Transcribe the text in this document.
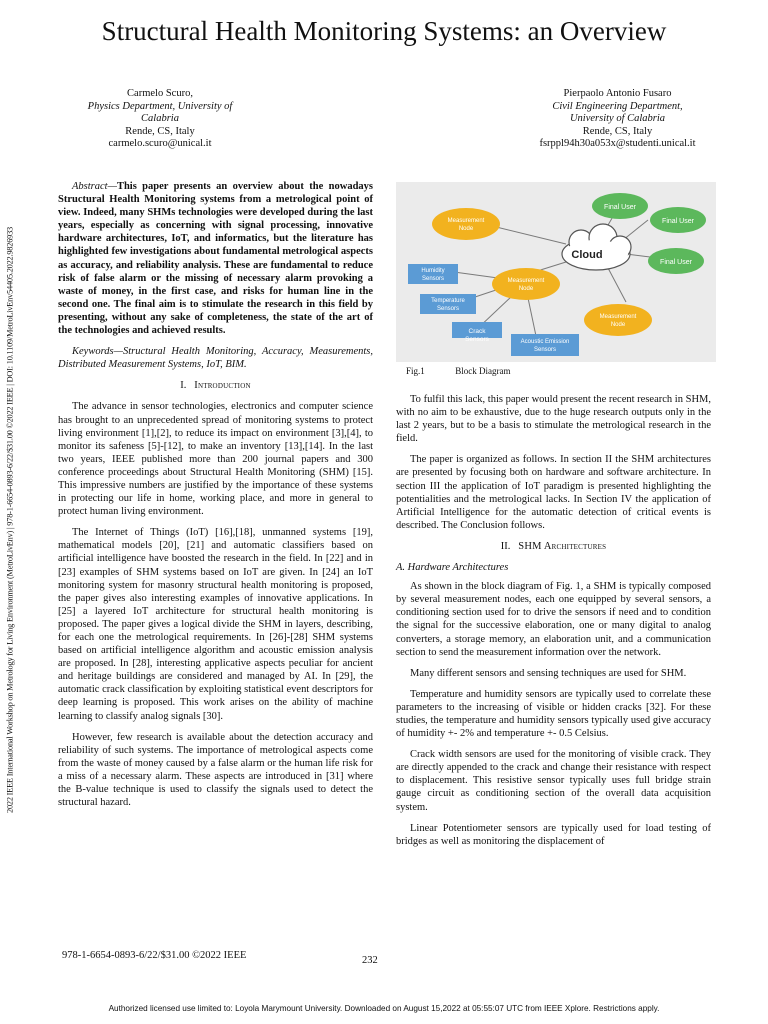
Structural Health Monitoring Systems: an Overview
Carmelo Scuro,
Physics Department, University of
Calabria
Rende, CS, Italy
carmelo.scuro@unical.it
Pierpaolo Antonio Fusaro
Civil Engineering Department,
University of Calabria
Rende, CS, Italy
fsrppl94h30a053x@studenti.unical.it
2022 IEEE International Workshop on Metrology for Living Environment (MetroLivEnv) | 978-1-6654-0893-6/22/$31.00 ©2022 IEEE | DOI: 10.1109/MetroLivEnv54405.2022.9826933

Abstract—This paper presents an overview about the nowadays Structural Health Monitoring systems from a metrological point of view. Indeed, many SHMs technologies were developed during the last years, especially as concerning with signal processing, innovative hardware architectures, IoT, and informatics, but the literature has highlighted few investigations about fundamental metrological aspects as accuracy, and reliability analysis. These are fundamental to reduce risk of false alarm or the missing of necessary alarm provoking a waste of money, in the first case, and risks for human line in the second one. The final aim is to stimulate the research in this field by presenting, without any sake of completeness, the state of the art of the technologies and achieved results.

Keywords—Structural Health Monitoring, Accuracy, Measurements, Distributed Measurement Systems, IoT, BIM.

I. Introduction

The advance in sensor technologies, electronics and computer science has brought to an unprecedented spread of monitoring systems to protect living environment [1],[2], to reduce its impact on environment [3],[4], to monitor its safeness [5]-[12], to make an inventory [13],[14]. In the last two years, IEEE published more than 200 journal papers and 300 conference proceedings about Structural Health Monitoring (SHM) [15]. This impressive numbers are justified by the importance of these systems in protecting our life in home, working place, and more in general to protect human living environment.

The Internet of Things (IoT) [16],[18], unmanned systems [19], mathematical models [20], [21] and automatic classifiers based on artificial intelligence have boosted the research in the field. In [22] and in [23] examples of SHM systems based on IoT are given. In [24] an IoT monitoring system for masonry structural health monitoring is proposed, the paper gives also interesting examples of innovative applications. In [25] a layered IoT architecture for structural health monitoring is proposed. The paper gives a logical divide the SHM in layers, describing, for each one the metrological requirements. In [26]-[28] SHM systems based on artificial intelligence algorithm and acoustic emission analysis are proposed. In [28], interesting applicative aspects peculiar for ancient and heritage buildings are considered and managed by AI. In [29], the automatic crack classification by exploiting statistical event descriptors for deep learning is proposed. This work arises on the ability of machine learning to classify analog signals [30].

However, few research is available about the detection accuracy and reliability of such systems. The importance of metrological aspects come from the waste of money caused by a false alarm or the human life risk for a miss of a necessary alarm. These aspects are introduced in [31] where the B-value technique is used to classify the signals used to detect the structural hazard.

Cloud
Final User
Final User
Final User
Measurement Node
Measurement Node
Measurement Node
Humidity Sensors
Temperature Sensors
Crack Sensors	Acoustic Emission Sensors
Fig.1	Block Diagram

To fulfil this lack, this paper would present the recent research in SHM, with no aim to be exhaustive, due to the huge research outputs only in the last 2 years, but to be a basis to stimulate the metrological research in the field.

The paper is organized as follows. In section II the SHM architectures are presented by focusing both on hardware and software architecture. In section III the application of IoT paradigm is presented highlighting the potentialities and the metrological lacks. In Section IV the application of Artificial Intelligence for the automatic detection of critical events is described. The Conclusion follows.

II. SHM Architectures
A. Hardware Architectures

As shown in the block diagram of Fig. 1, a SHM is typically composed by several measurement nodes, each one equipped by several sensors, a conditioning section used for to drive the sensors if need and to condition the signal for the successive elaboration, one or many digital to analog converters, a storage memory, an elaboration unit, and a communication section to send the measurement information over the network.

Many different sensors and sensing techniques are used for SHM.

Temperature and humidity sensors are typically used to correlate these parameters to the increasing of visible or hidden cracks [32]. For these studies, the temperature and humidity sensors typically used give accuracy of humidity +- 2% and temperature +- 0.5 Celsius.

Crack width sensors are used for the monitoring of visible crack. They are directly appended to the crack and change their resistance with respect to displacement. This resistive sensor typically uses full bridge strain gauge circuit as conditioning section of the overall data acquisition system.

Linear Potentiometer sensors are typically used for load testing of bridges as well as monitoring the displacement of

978-1-6654-0893-6/22/$31.00 ©2022 IEEE	232
Authorized licensed use limited to: Loyola Marymount University. Downloaded on August 15,2022 at 05:55:07 UTC from IEEE Xplore. Restrictions apply.
